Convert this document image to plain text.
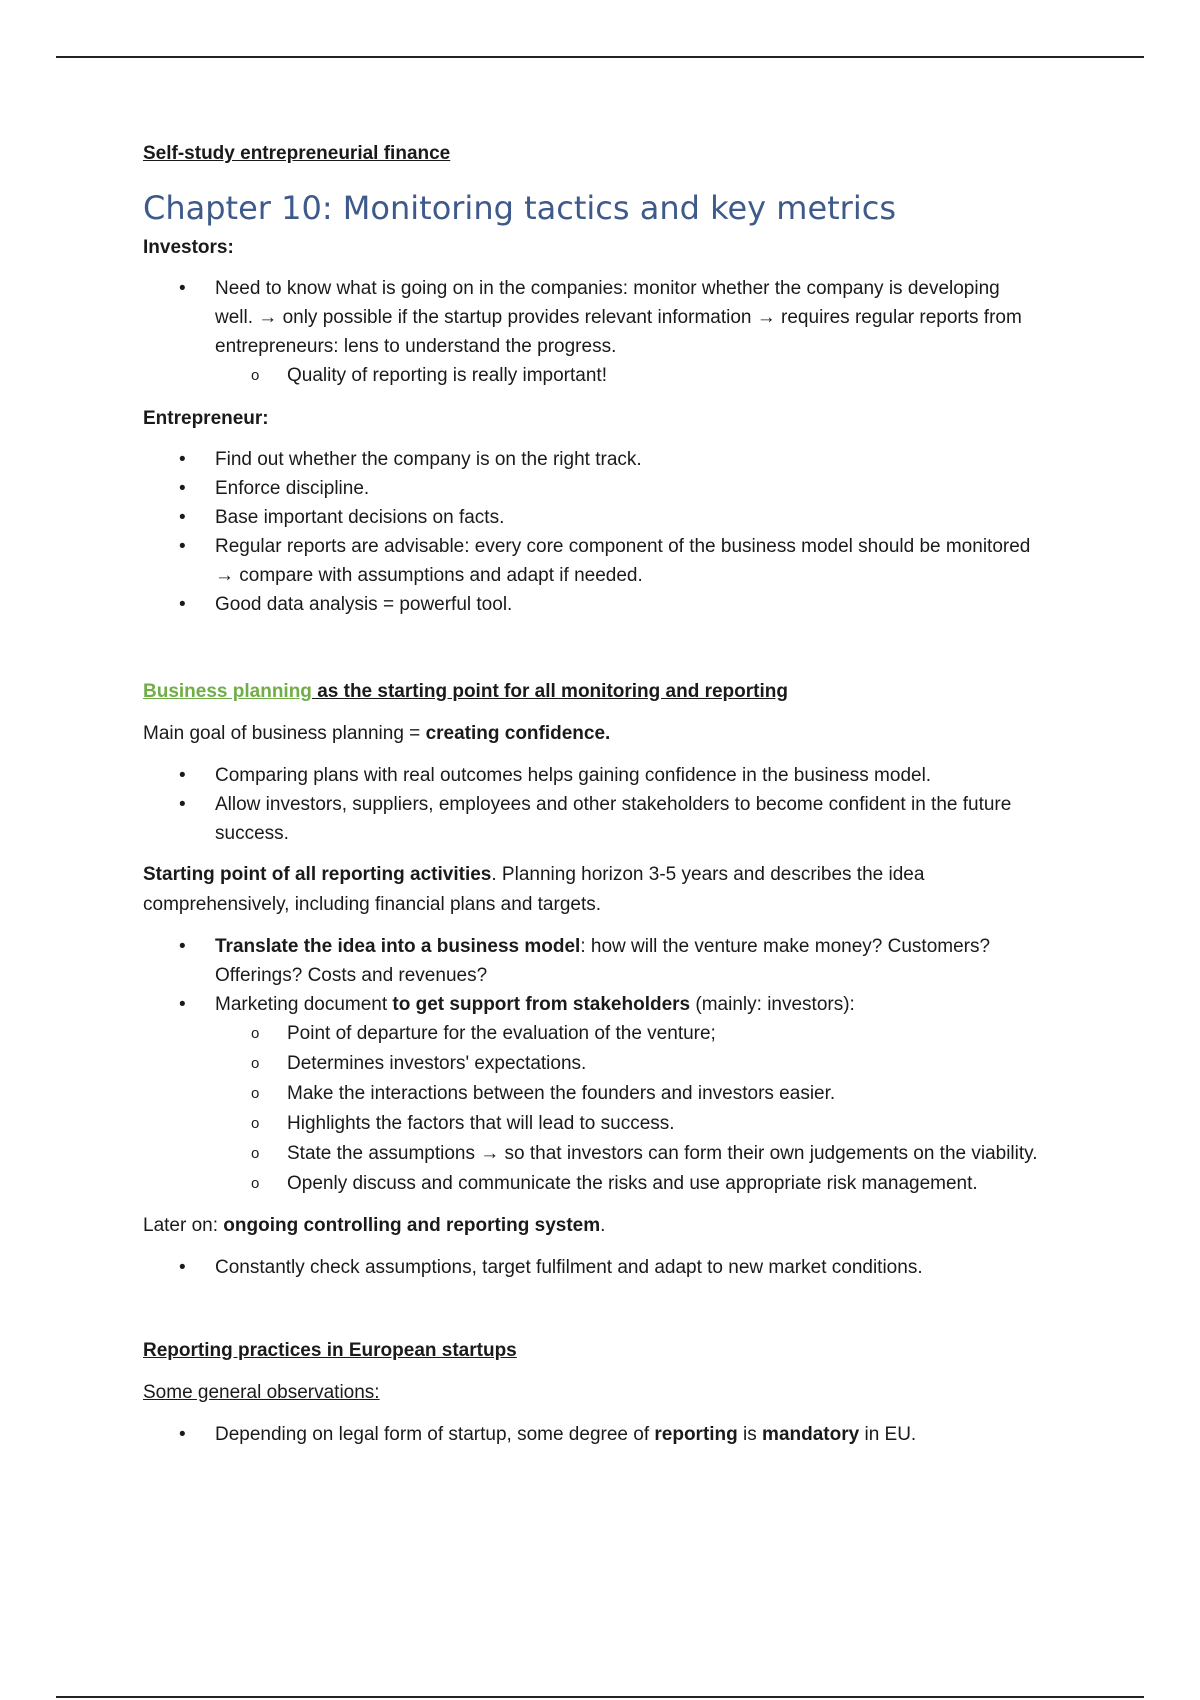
Self-study entrepreneurial finance
Chapter 10: Monitoring tactics and key metrics
Investors:
• Need to know what is going on in the companies: monitor whether the company is developing well. → only possible if the startup provides relevant information → requires regular reports from entrepreneurs: lens to understand the progress.
o Quality of reporting is really important!
Entrepreneur:
• Find out whether the company is on the right track.
• Enforce discipline.
• Base important decisions on facts.
• Regular reports are advisable: every core component of the business model should be monitored → compare with assumptions and adapt if needed.
• Good data analysis = powerful tool.
Business planning as the starting point for all monitoring and reporting

Main goal of business planning = creating confidence.

• Comparing plans with real outcomes helps gaining confidence in the business model.
• Allow investors, suppliers, employees and other stakeholders to become confident in the future success.

Starting point of all reporting activities. Planning horizon 3-5 years and describes the idea comprehensively, including financial plans and targets.

• Translate the idea into a business model: how will the venture make money? Customers? Offerings? Costs and revenues?
• Marketing document to get support from stakeholders (mainly: investors):
o Point of departure for the evaluation of the venture;
o Determines investors' expectations.
o Make the interactions between the founders and investors easier.
o Highlights the factors that will lead to success.
o State the assumptions → so that investors can form their own judgements on the viability.
o Openly discuss and communicate the risks and use appropriate risk management.

Later on: ongoing controlling and reporting system.

• Constantly check assumptions, target fulfilment and adapt to new market conditions.
Reporting practices in European startups
Some general observations:
• Depending on legal form of startup, some degree of reporting is mandatory in EU.
